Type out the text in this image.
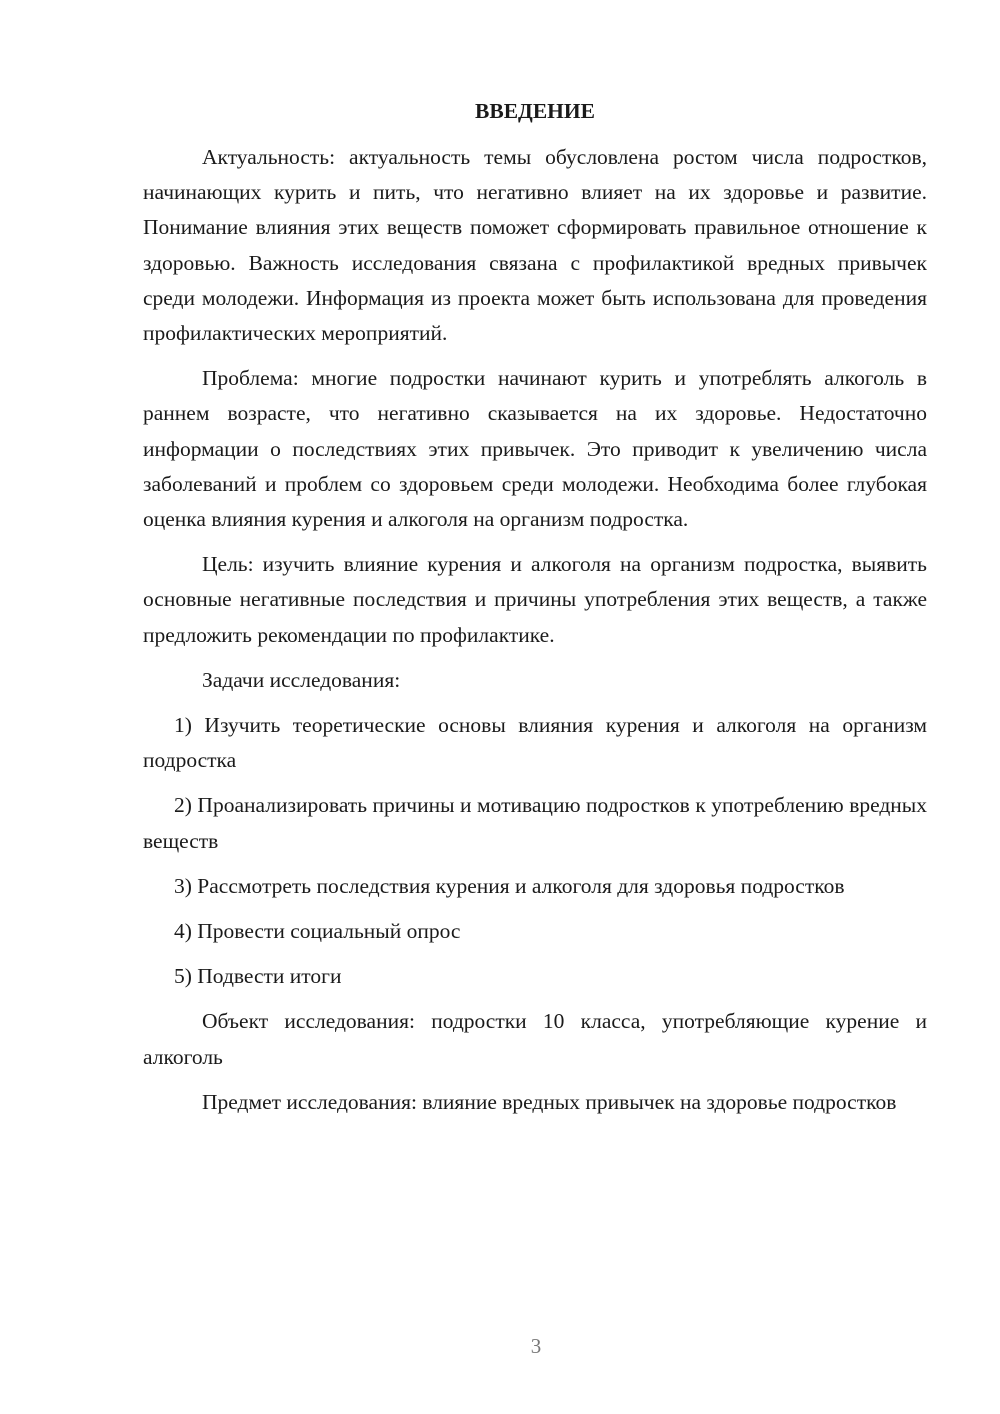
ВВЕДЕНИЕ

Актуальность: актуальность темы обусловлена ростом числа подростков, начинающих курить и пить, что негативно влияет на их здоровье и развитие. Понимание влияния этих веществ поможет сформировать правильное отношение к здоровью. Важность исследования связана с профилактикой вредных привычек среди молодежи. Информация из проекта может быть использована для проведения профилактических мероприятий.

Проблема: многие подростки начинают курить и употреблять алкоголь в раннем возрасте, что негативно сказывается на их здоровье. Недостаточно информации о последствиях этих привычек. Это приводит к увеличению числа заболеваний и проблем со здоровьем среди молодежи. Необходима более глубокая оценка влияния курения и алкоголя на организм подростка.

Цель: изучить влияние курения и алкоголя на организм подростка, выявить основные негативные последствия и причины употребления этих веществ, а также предложить рекомендации по профилактике.

Задачи исследования:

1) Изучить теоретические основы влияния курения и алкоголя на организм подростка

2) Проанализировать причины и мотивацию подростков к употреблению вредных веществ

3) Рассмотреть последствия курения и алкоголя для здоровья подростков

4) Провести социальный опрос

5) Подвести итоги

Объект исследования: подростки 10 класса, употребляющие курение и алкоголь

Предмет исследования: влияние вредных привычек на здоровье подростков

3
